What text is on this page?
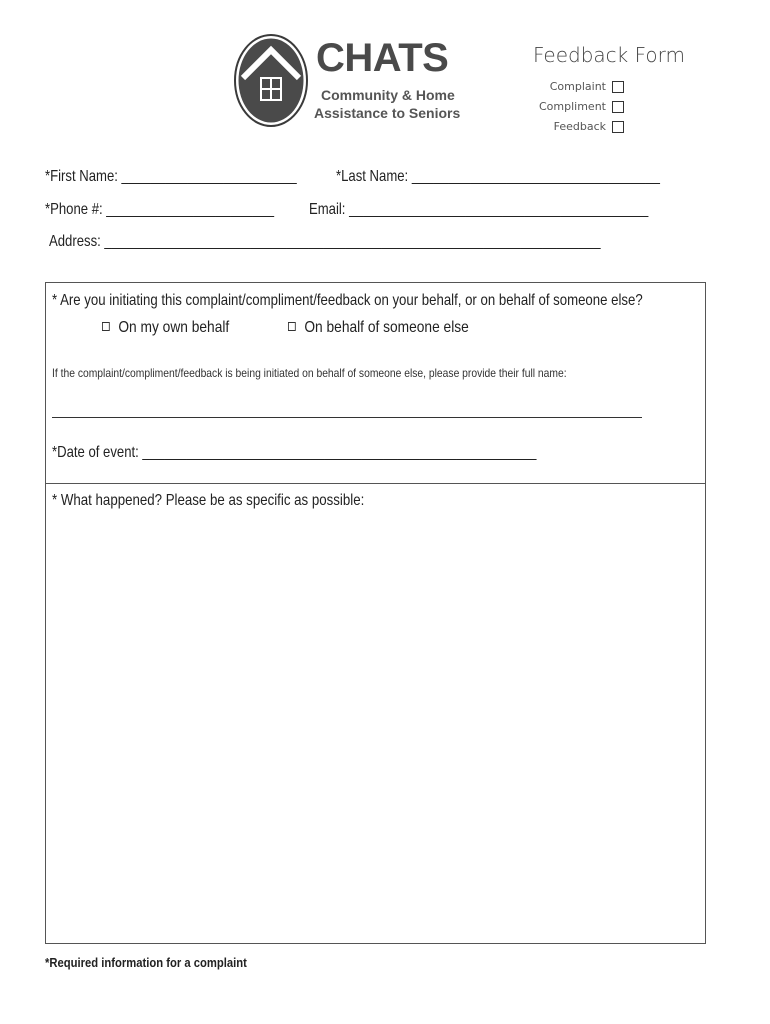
CHATS
Community & Home
Assistance to Seniors
Feedback Form
Complaint
Compliment
Feedback
*First Name: ________________________ *Last Name: __________________________________
*Phone #: _______________________ Email: _________________________________________
Address: ____________________________________________________________________
* Are you initiating this complaint/compliment/feedback on your behalf, or on behalf of someone else?
On my own behalf	On behalf of someone else
If the complaint/compliment/feedback is being initiated on behalf of someone else, please provide their full name:
*Date of event: ______________________________________________________
* What happened? Please be as specific as possible:
*Required information for a complaint
